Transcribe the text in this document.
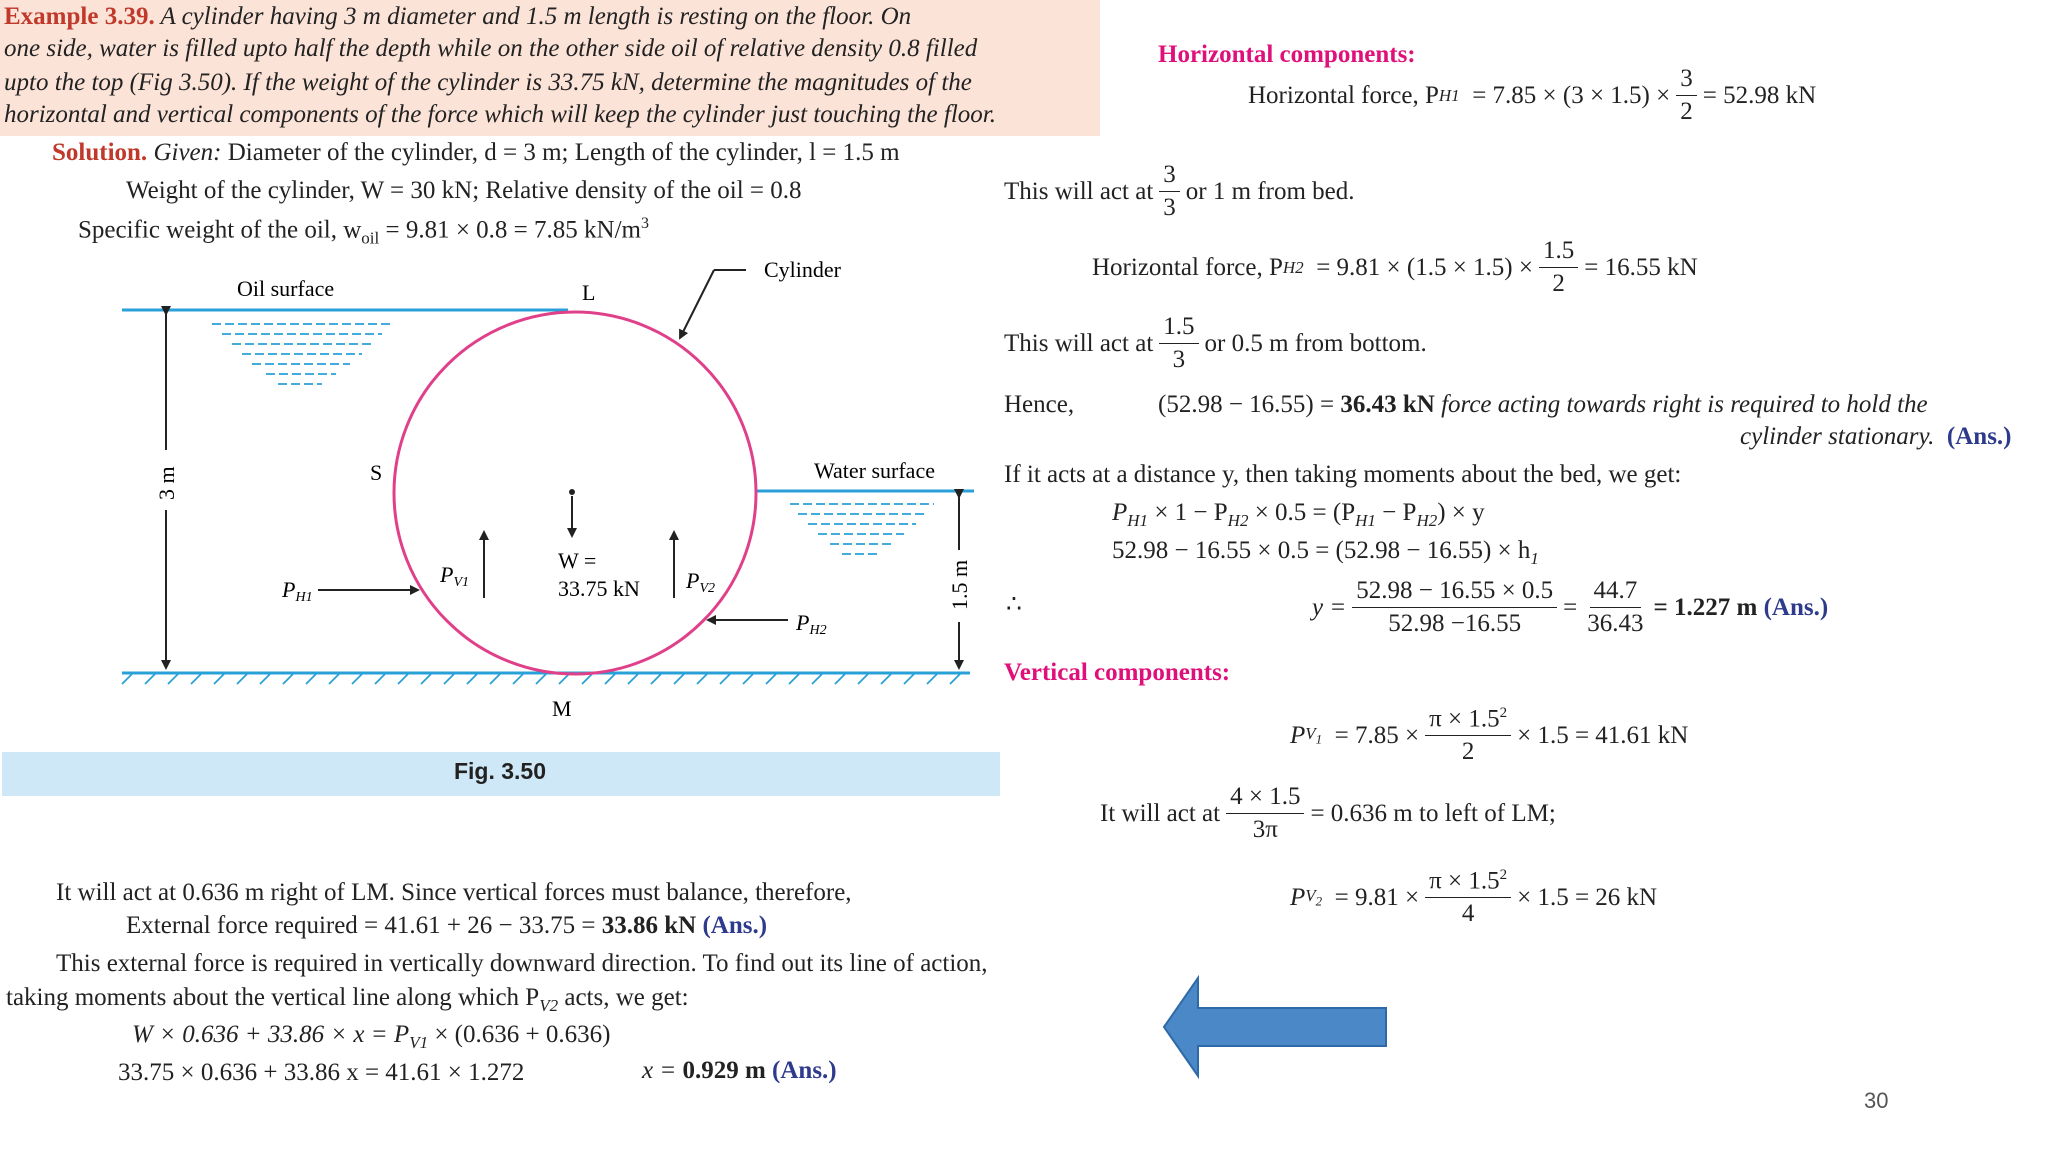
Example 3.39. A cylinder having 3 m diameter and 1.5 m length is resting on the floor. On
one side, water is filled upto half the depth while on the other side oil of relative density 0.8 filled
upto the top (Fig 3.50). If the weight of the cylinder is 33.75 kN, determine the magnitudes of the
horizontal and vertical components of the force which will keep the cylinder just touching the floor.
Solution. Given: Diameter of the cylinder, d = 3 m; Length of the cylinder, l = 1.5 m
Weight of the cylinder, W = 30 kN; Relative density of the oil = 0.8
Specific weight of the oil, $w_{oil} = 9.81 \times 0.8 = 7.85$ $kN/m^3$
3 m
1.5 m
Oil surface	L
Cylinder
S	Water surface
M
PH1
PV1
W =
33.75 kN PV2
PH2
Fig. 3.50
It will act at 0.636 m right of LM. Since vertical forces must balance, therefore,
External force required = 41.61 + 26 − 33.75 = 33.86 kN (Ans.)
This external force is required in vertically downward direction. To find out its line of action,
taking moments about the vertical line along which $P_{V2}$ acts, we get:
$W \times 0.636 + 33.86 \times x = P_{V1} \times (0.636 + 0.636)$
33.75 × 0.636 + 33.86 x = 41.61 × 1.272	x = 0.929 m (Ans.)
Horizontal components:
Horizontal force, P H1
= $7.85 \times (3 \times 1.5) \times \frac{3}{2} = 52.98$ kN
This will act at $\frac{3}{3}$ or 1 m from bed.
Horizontal force, P H2
= $9.81 \times (1.5 \times 1.5) \times \frac{1.5}{2} = 16.55$ kN
This will act at $\frac{1.5}{3}$ or 0.5 m from bottom.
Hence,	(52.98 − 16.55) = 36.43 kN force acting towards right is required to hold the
cylinder stationary. (Ans.)
If it acts at a distance y, then taking moments about the bed, we get:
$P_{H1} \times 1 - P_{H2} \times 0.5 = (P_{H1} - P_{H2}) \times y$
$52.98 - 16.55 \times 0.5 = (52.98 - 16.55) \times h_1$
∴	$y = \frac{52.98 - 16.55 \times 0.5}{52.98 -16.55} = \frac{44.7}{36.43} = 1.227$ m
(Ans.)
Vertical components:
P $V_1$
= $7.85 \times \frac{\pi \times 1.5^2}{2} \times 1.5 = 41.61$ kN
It will act at $\frac{4 \times 1.5}{3\pi} = 0.636$ m to left of LM;
P $V_2$
= $9.81 \times \frac{\pi \times 1.5^2}{4} \times 1.5 = 26$ kN
30
